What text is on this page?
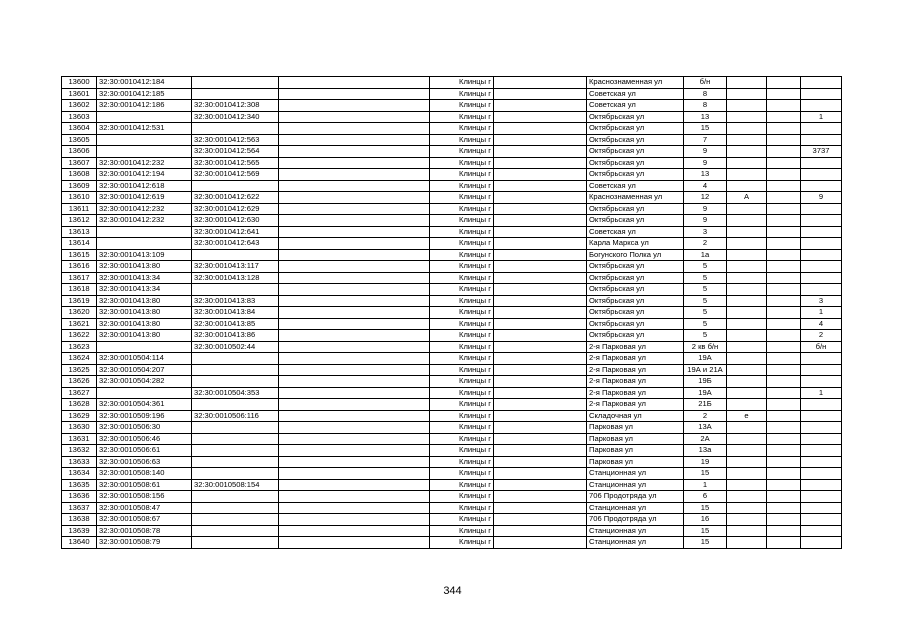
13600	32:30:0010412:184			Клинцы г		Краснознаменная ул	б/н			
13601	32:30:0010412:185			Клинцы г		Советская ул	8			
13602	32:30:0010412:186	32:30:0010412:308		Клинцы г		Советская ул	8			
13603		32:30:0010412:340		Клинцы г		Октябрьская ул	13			1
13604	32:30:0010412:531			Клинцы г		Октябрьская ул	15			
13605		32:30:0010412:563		Клинцы г		Октябрьская ул	7			
13606		32:30:0010412:564		Клинцы г		Октябрьская ул	9			3737
13607	32:30:0010412:232	32:30:0010412:565		Клинцы г		Октябрьская ул	9			
13608	32:30:0010412:194	32:30:0010412:569		Клинцы г		Октябрьская ул	13			
13609	32:30:0010412:618			Клинцы г		Советская ул	4			
13610	32:30:0010412:619	32:30:0010412:622		Клинцы г		Краснознаменная ул	12	А		9
13611	32:30:0010412:232	32:30:0010412:629		Клинцы г		Октябрьская ул	9			
13612	32:30:0010412:232	32:30:0010412:630		Клинцы г		Октябрьская ул	9			
13613		32:30:0010412:641		Клинцы г		Советская ул	3			
13614		32:30:0010412:643		Клинцы г		Карла Маркса ул	2			
13615	32:30:0010413:109			Клинцы г		Богунского Полка ул	1а			
13616	32:30:0010413:80	32:30:0010413:117		Клинцы г		Октябрьская ул	5			
13617	32:30:0010413:34	32:30:0010413:128		Клинцы г		Октябрьская ул	5			
13618	32:30:0010413:34			Клинцы г		Октябрьская ул	5			
13619	32:30:0010413:80	32:30:0010413:83		Клинцы г		Октябрьская ул	5			3
13620	32:30:0010413:80	32:30:0010413:84		Клинцы г		Октябрьская ул	5			1
13621	32:30:0010413:80	32:30:0010413:85		Клинцы г		Октябрьская ул	5			4
13622	32:30:0010413:80	32:30:0010413:86		Клинцы г		Октябрьская ул	5			2
13623		32:30:0010502:44		Клинцы г		2-я Парковая ул	2 кв б/н			б/н
13624	32:30:0010504:114			Клинцы г		2-я Парковая ул	19А			
13625	32:30:0010504:207			Клинцы г		2-я Парковая ул	19А и 21А			
13626	32:30:0010504:282			Клинцы г		2-я Парковая ул	19Б			
13627		32:30:0010504:353		Клинцы г		2-я Парковая ул	19А			1
13628	32:30:0010504:361			Клинцы г		2-я Парковая ул	21Б			
13629	32:30:0010509:196	32:30:0010506:116		Клинцы г		Складочная ул	2	е		
13630	32:30:0010506:30			Клинцы г		Парковая ул	13А			
13631	32:30:0010506:46			Клинцы г		Парковая ул	2А			
13632	32:30:0010506:61			Клинцы г		Парковая ул	13а			
13633	32:30:0010506:63			Клинцы г		Парковая ул	19			
13634	32:30:0010508:140			Клинцы г		Станционная ул	15			
13635	32:30:0010508:61	32:30:0010508:154		Клинцы г		Станционная ул	1			
13636	32:30:0010508:156			Клинцы г		706 Продотряда ул	6			
13637	32:30:0010508:47			Клинцы г		Станционная ул	15			
13638	32:30:0010508:67			Клинцы г		706 Продотряда ул	16			
13639	32:30:0010508:78			Клинцы г		Станционная ул	15			
13640	32:30:0010508:79			Клинцы г		Станционная ул	15			
344
